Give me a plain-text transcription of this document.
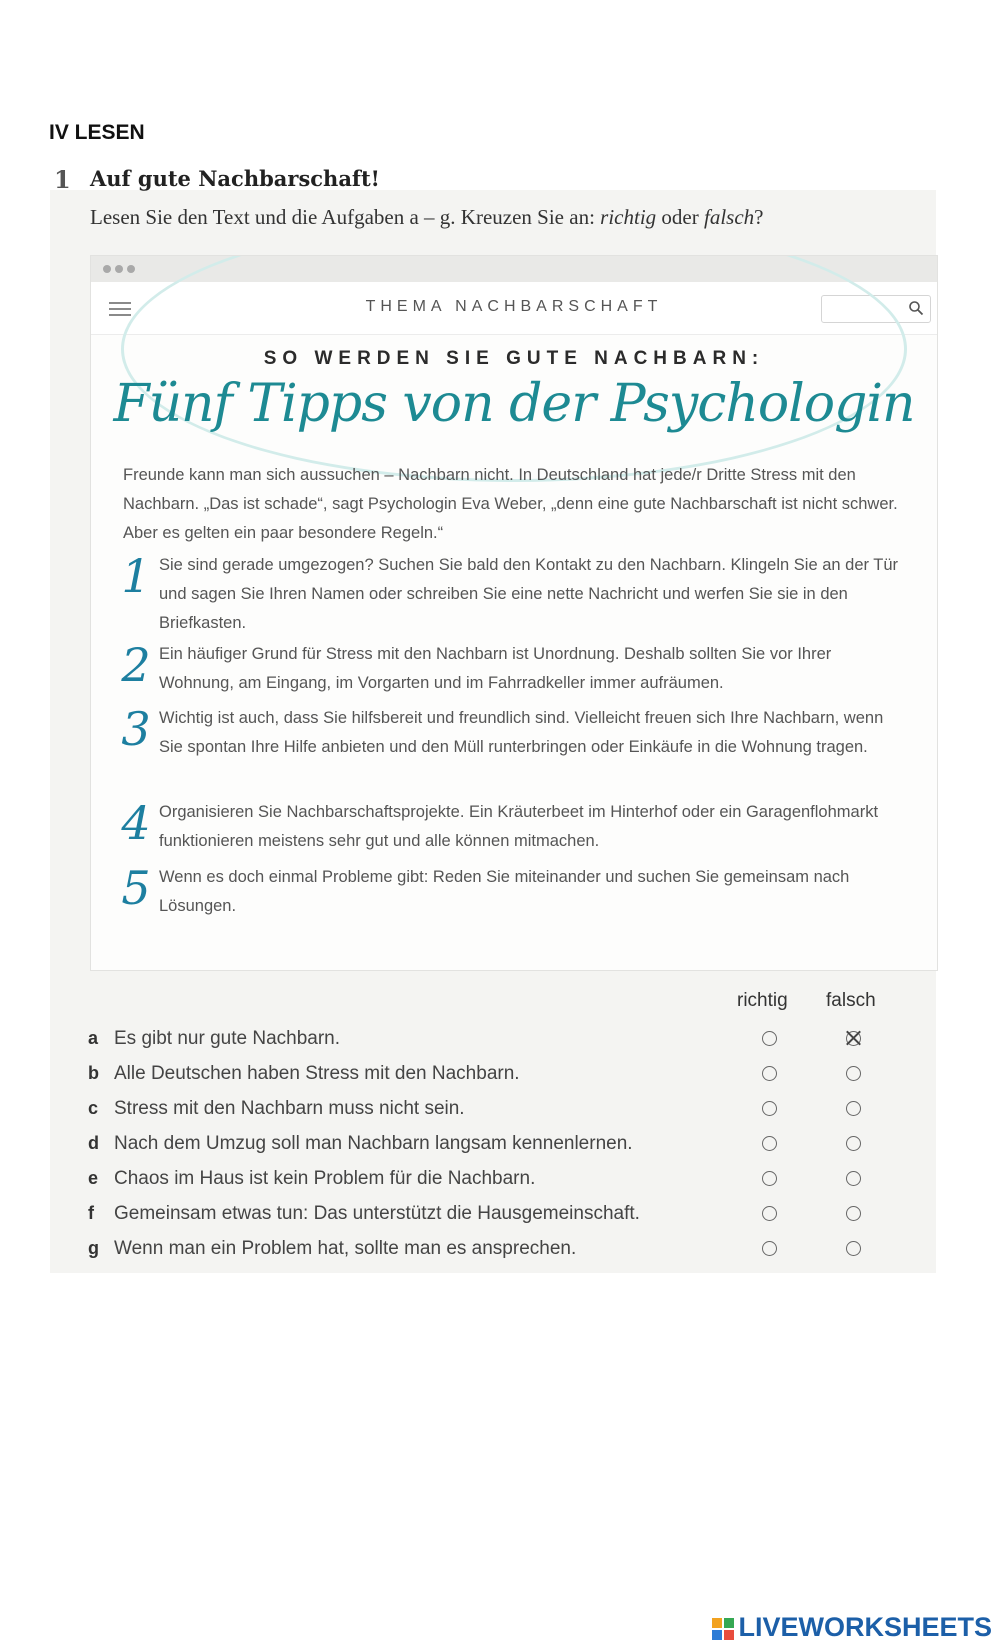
IV LESEN
1 Auf gute Nachbarschaft!
Lesen Sie den Text und die Aufgaben a – g. Kreuzen Sie an: richtig oder falsch?
THEMA NACHBARSCHAFT
SO WERDEN SIE GUTE NACHBARN:
Fünf Tipps von der Psychologin
Freunde kann man sich aussuchen – Nachbarn nicht. In Deutschland hat jede/r Dritte Stress mit den Nachbarn. „Das ist schade“, sagt Psychologin Eva Weber, „denn eine gute Nachbarschaft ist nicht schwer. Aber es gelten ein paar besondere Regeln.“
1 Sie sind gerade umgezogen? Suchen Sie bald den Kontakt zu den Nachbarn. Klingeln Sie an der Tür und sagen Sie Ihren Namen oder schreiben Sie eine nette Nachricht und werfen Sie sie in den Briefkasten.
2 Ein häufiger Grund für Stress mit den Nachbarn ist Unordnung. Deshalb sollten Sie vor Ihrer Wohnung, am Eingang, im Vorgarten und im Fahrradkeller immer aufräumen.
3 Wichtig ist auch, dass Sie hilfsbereit und freundlich sind. Vielleicht freuen sich Ihre Nachbarn, wenn Sie spontan Ihre Hilfe anbieten und den Müll runterbringen oder Einkäufe in die Wohnung tragen.
4 Organisieren Sie Nachbarschaftsprojekte. Ein Kräuterbeet im Hinterhof oder ein Garagenflohmarkt funktionieren meistens sehr gut und alle können mitmachen.
5 Wenn es doch einmal Probleme gibt: Reden Sie miteinander und suchen Sie gemeinsam nach Lösungen.
richtig falsch
a Es gibt nur gute Nachbarn.
b Alle Deutschen haben Stress mit den Nachbarn.
c Stress mit den Nachbarn muss nicht sein.
d Nach dem Umzug soll man Nachbarn langsam kennenlernen.
e Chaos im Haus ist kein Problem für die Nachbarn.
f Gemeinsam etwas tun: Das unterstützt die Hausgemeinschaft.
g Wenn man ein Problem hat, sollte man es ansprechen.
LIVEWORKSHEETS
